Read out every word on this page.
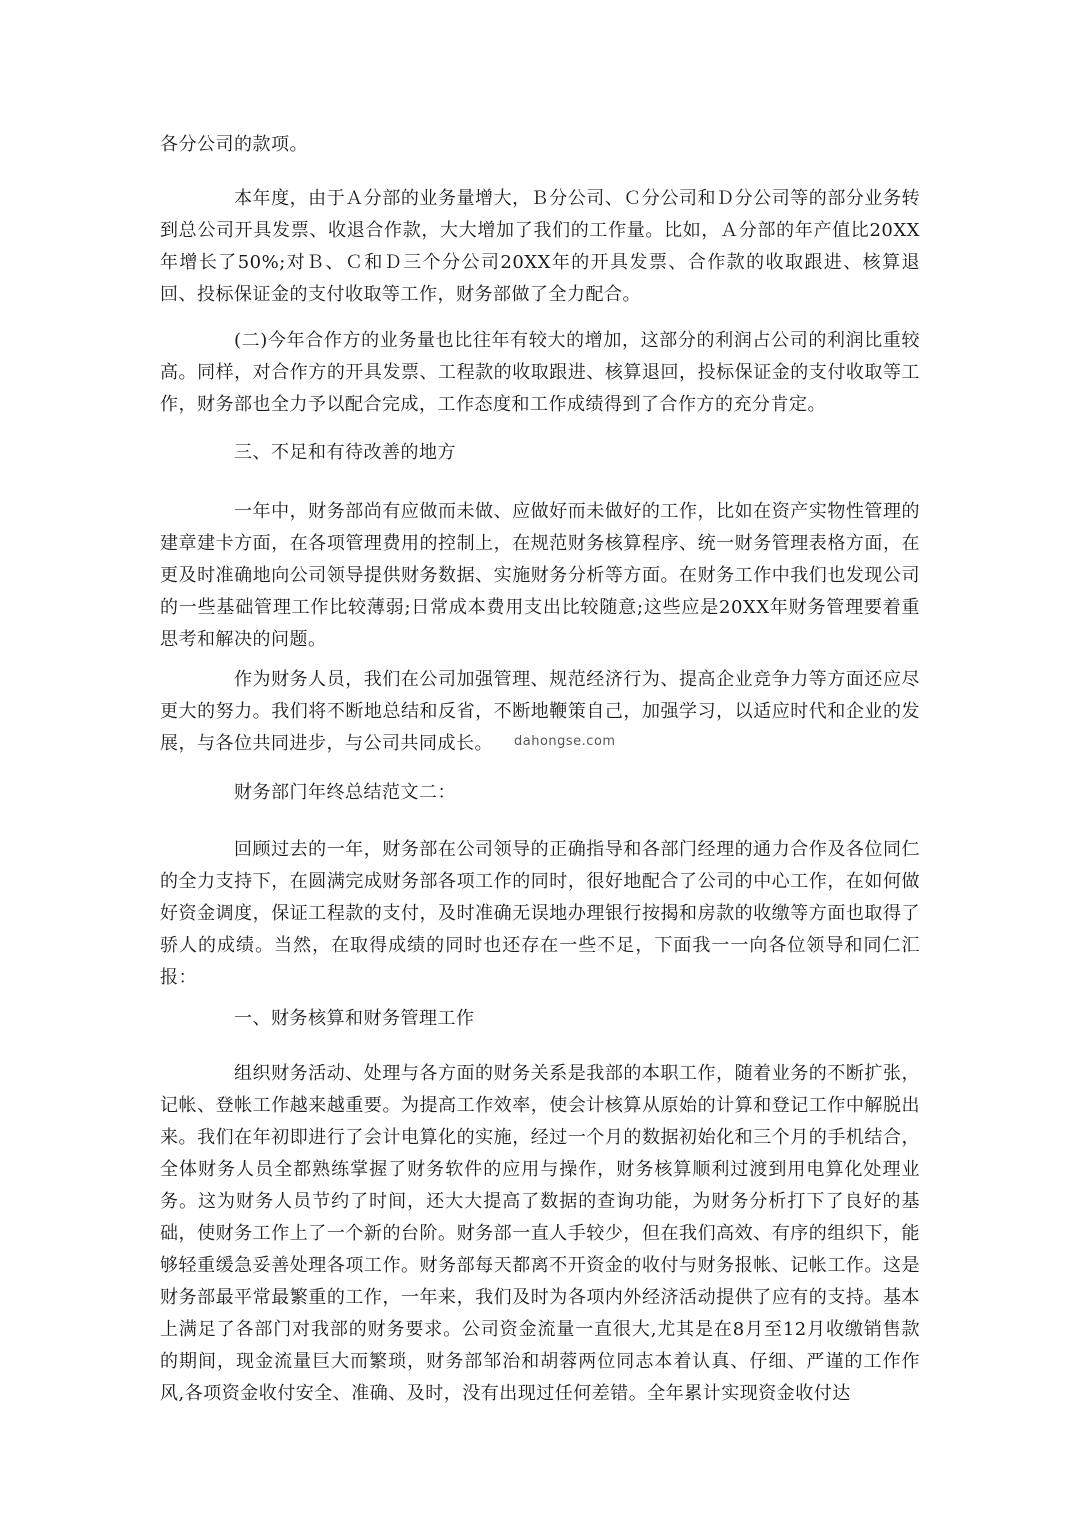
各分公司的款项。

本年度，由于Ａ分部的业务量增大，Ｂ分公司、Ｃ分公司和Ｄ分公司等的部分业务转到总公司开具发票、收退合作款，大大增加了我们的工作量。比如，Ａ分部的年产值比20XX年增长了50%;对Ｂ、Ｃ和Ｄ三个分公司20XX年的开具发票、合作款的收取跟进、核算退回、投标保证金的支付收取等工作，财务部做了全力配合。

(二)今年合作方的业务量也比往年有较大的增加，这部分的利润占公司的利润比重较高。同样，对合作方的开具发票、工程款的收取跟进、核算退回，投标保证金的支付收取等工作，财务部也全力予以配合完成，工作态度和工作成绩得到了合作方的充分肯定。

三、不足和有待改善的地方

一年中，财务部尚有应做而未做、应做好而未做好的工作，比如在资产实物性管理的建章建卡方面，在各项管理费用的控制上，在规范财务核算程序、统一财务管理表格方面，在更及时准确地向公司领导提供财务数据、实施财务分析等方面。在财务工作中我们也发现公司的一些基础管理工作比较薄弱;日常成本费用支出比较随意;这些应是20XX年财务管理要着重思考和解决的问题。

作为财务人员，我们在公司加强管理、规范经济行为、提高企业竞争力等方面还应尽更大的努力。我们将不断地总结和反省，不断地鞭策自己，加强学习，以适应时代和企业的发展，与各位共同进步，与公司共同成长。

财务部门年终总结范文二：

回顾过去的一年，财务部在公司领导的正确指导和各部门经理的通力合作及各位同仁的全力支持下，在圆满完成财务部各项工作的同时，很好地配合了公司的中心工作，在如何做好资金调度，保证工程款的支付，及时准确无误地办理银行按揭和房款的收缴等方面也取得了骄人的成绩。当然，在取得成绩的同时也还存在一些不足，下面我一一向各位领导和同仁汇报：

一、财务核算和财务管理工作

组织财务活动、处理与各方面的财务关系是我部的本职工作，随着业务的不断扩张，记帐、登帐工作越来越重要。为提高工作效率，使会计核算从原始的计算和登记工作中解脱出来。我们在年初即进行了会计电算化的实施，经过一个月的数据初始化和三个月的手机结合，全体财务人员全都熟练掌握了财务软件的应用与操作，财务核算顺利过渡到用电算化处理业务。这为财务人员节约了时间，还大大提高了数据的查询功能，为财务分析打下了良好的基础，使财务工作上了一个新的台阶。财务部一直人手较少，但在我们高效、有序的组织下，能够轻重缓急妥善处理各项工作。财务部每天都离不开资金的收付与财务报帐、记帐工作。这是财务部最平常最繁重的工作，一年来，我们及时为各项内外经济活动提供了应有的支持。基本上满足了各部门对我部的财务要求。公司资金流量一直很大,尤其是在8月至12月收缴销售款的期间，现金流量巨大而繁琐，财务部邹治和胡蓉两位同志本着认真、仔细、严谨的工作作风,各项资金收付安全、准确、及时，没有出现过任何差错。全年累计实现资金收付达

dahongse.com
